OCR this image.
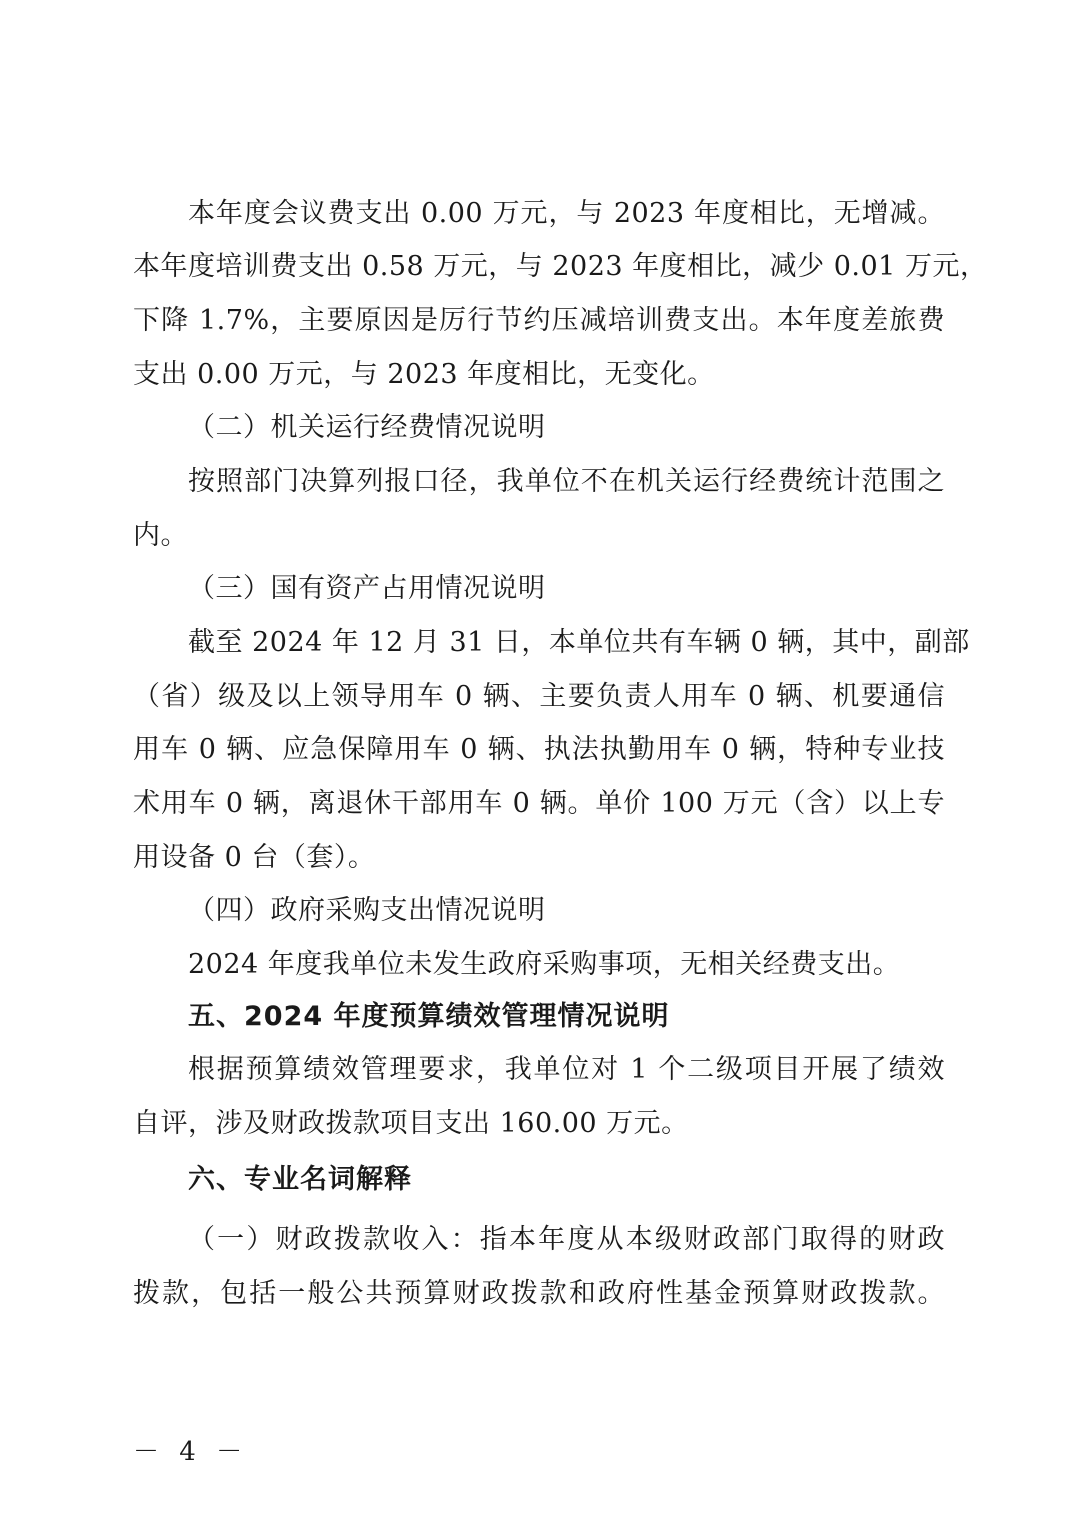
本年度会议费支出 0.00 万元，与 2023 年度相比，无增减。
本年度培训费支出 0.58 万元，与 2023 年度相比，减少 0.01 万元，
下降 1.7%，主要原因是厉行节约压减培训费支出。本年度差旅费
支出 0.00 万元，与 2023 年度相比，无变化。
（二）机关运行经费情况说明
按照部门决算列报口径，我单位不在机关运行经费统计范围之
内。
（三）国有资产占用情况说明
截至 2024 年 12 月 31 日，本单位共有车辆 0 辆，其中，副部
（省）级及以上领导用车 0 辆、主要负责人用车 0 辆、机要通信
用车 0 辆、应急保障用车 0 辆、执法执勤用车 0 辆，特种专业技
术用车 0 辆，离退休干部用车 0 辆。单价 100 万元（含）以上专
用设备 0 台（套）。
（四）政府采购支出情况说明
2024 年度我单位未发生政府采购事项，无相关经费支出。
五、2024 年度预算绩效管理情况说明
根据预算绩效管理要求，我单位对 1 个二级项目开展了绩效
自评，涉及财政拨款项目支出 160.00 万元。
六、专业名词解释
（一）财政拨款收入：指本年度从本级财政部门取得的财政
拨款，包括一般公共预算财政拨款和政府性基金预算财政拨款。
－ 4 －
